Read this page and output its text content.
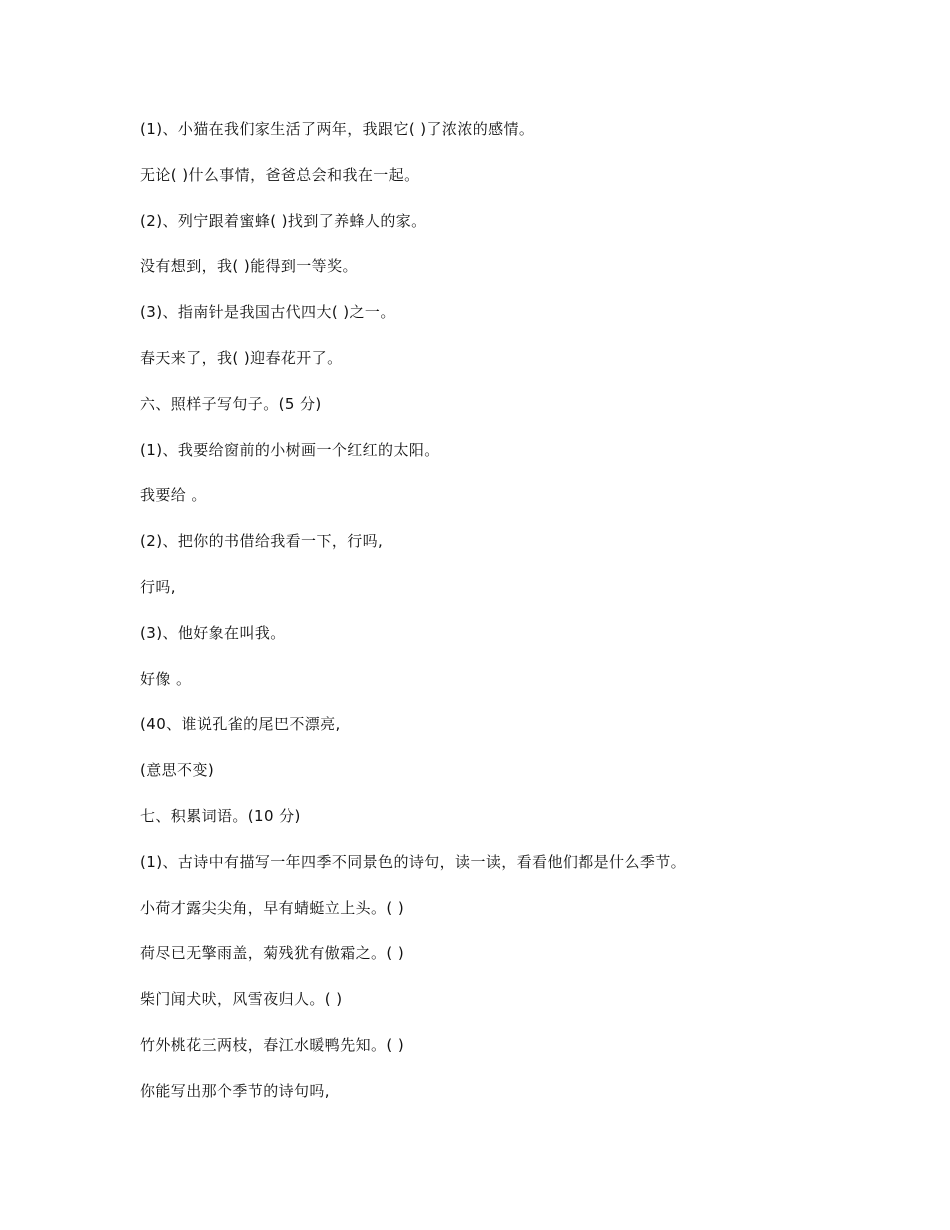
(1)、小猫在我们家生活了两年，我跟它( )了浓浓的感情。
无论( )什么事情，爸爸总会和我在一起。
(2)、列宁跟着蜜蜂( )找到了养蜂人的家。
没有想到，我( )能得到一等奖。
(3)、指南针是我国古代四大( )之一。
春天来了，我( )迎春花开了。
六、照样子写句子。(5 分)
(1)、我要给窗前的小树画一个红红的太阳。
我要给 。
(2)、把你的书借给我看一下，行吗,
行吗,
(3)、他好象在叫我。
好像 。
(40、谁说孔雀的尾巴不漂亮,
(意思不变)
七、积累词语。(10 分)
(1)、古诗中有描写一年四季不同景色的诗句，读一读，看看他们都是什么季节。
小荷才露尖尖角，早有蜻蜓立上头。( )
荷尽已无擎雨盖，菊残犹有傲霜之。( )
柴门闻犬吠，风雪夜归人。( )
竹外桃花三两枝，春江水暖鸭先知。( )
你能写出那个季节的诗句吗,
